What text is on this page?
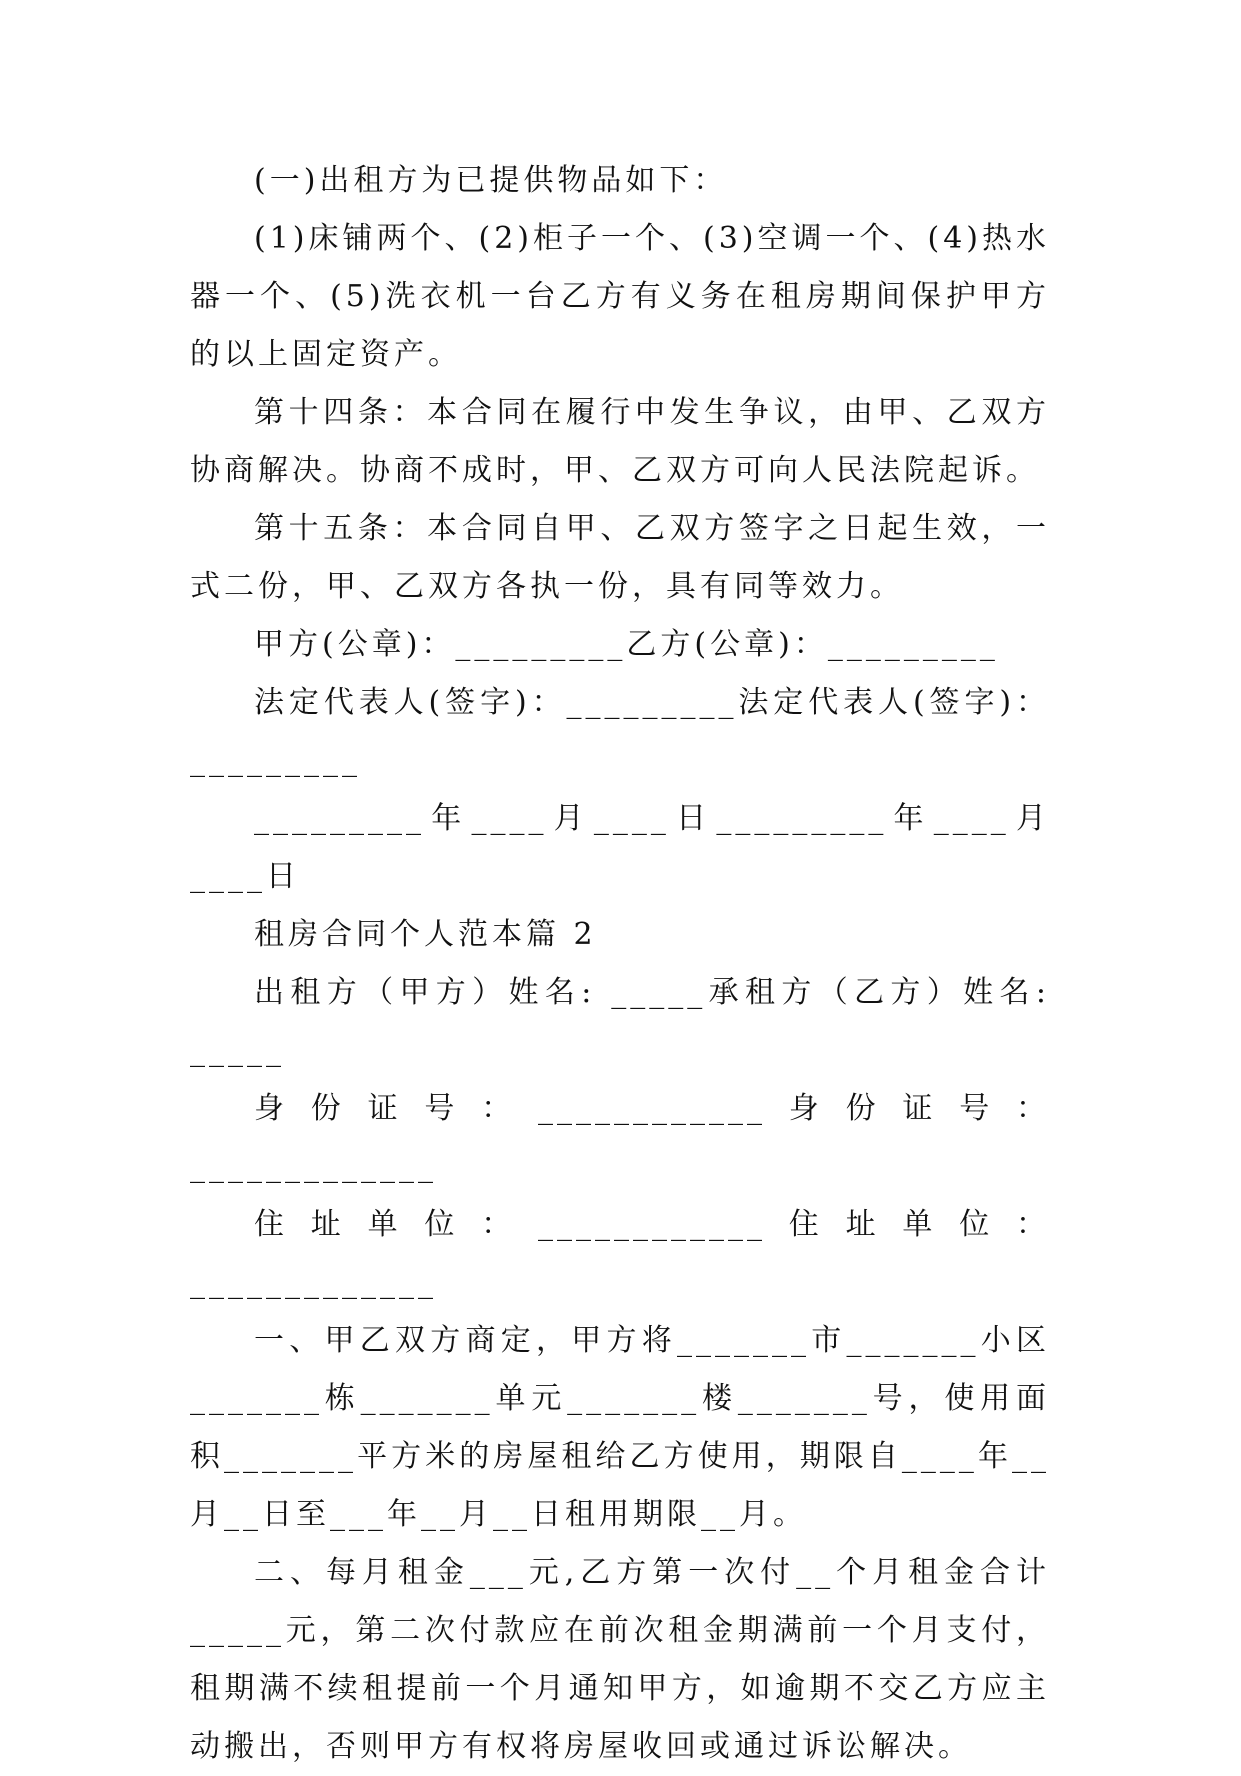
(一)出租方为已提供物品如下：

(1)床铺两个、(2)柜子一个、(3)空调一个、(4)热水器一个、(5)洗衣机一台乙方有义务在租房期间保护甲方的以上固定资产。

第十四条：本合同在履行中发生争议，由甲、乙双方协商解决。协商不成时，甲、乙双方可向人民法院起诉。

第十五条：本合同自甲、乙双方签字之日起生效，一式二份，甲、乙双方各执一份，具有同等效力。

甲方(公章)：_________乙方(公章)：_________

法定代表人(签字)：_________法定代表人(签字)：_________

_________年____月____日_________年____月____日

租房合同个人范本篇 2

出租方（甲方）姓名: _____承租方（乙方）姓名: _____

身份证号：____________身份证号：_____________

住址单位：____________住址单位：_____________

一、甲乙双方商定，甲方将_______市_______小区_______栋_______单元_______楼_______号，使用面积_______平方米的房屋租给乙方使用，期限自____年__月__日至___年__月__日租用期限__月。

二、每月租金___元,乙方第一次付__个月租金合计_____元，第二次付款应在前次租金期满前一个月支付，租期满不续租提前一个月通知甲方，如逾期不交乙方应主动搬出，否则甲方有权将房屋收回或通过诉讼解决。
